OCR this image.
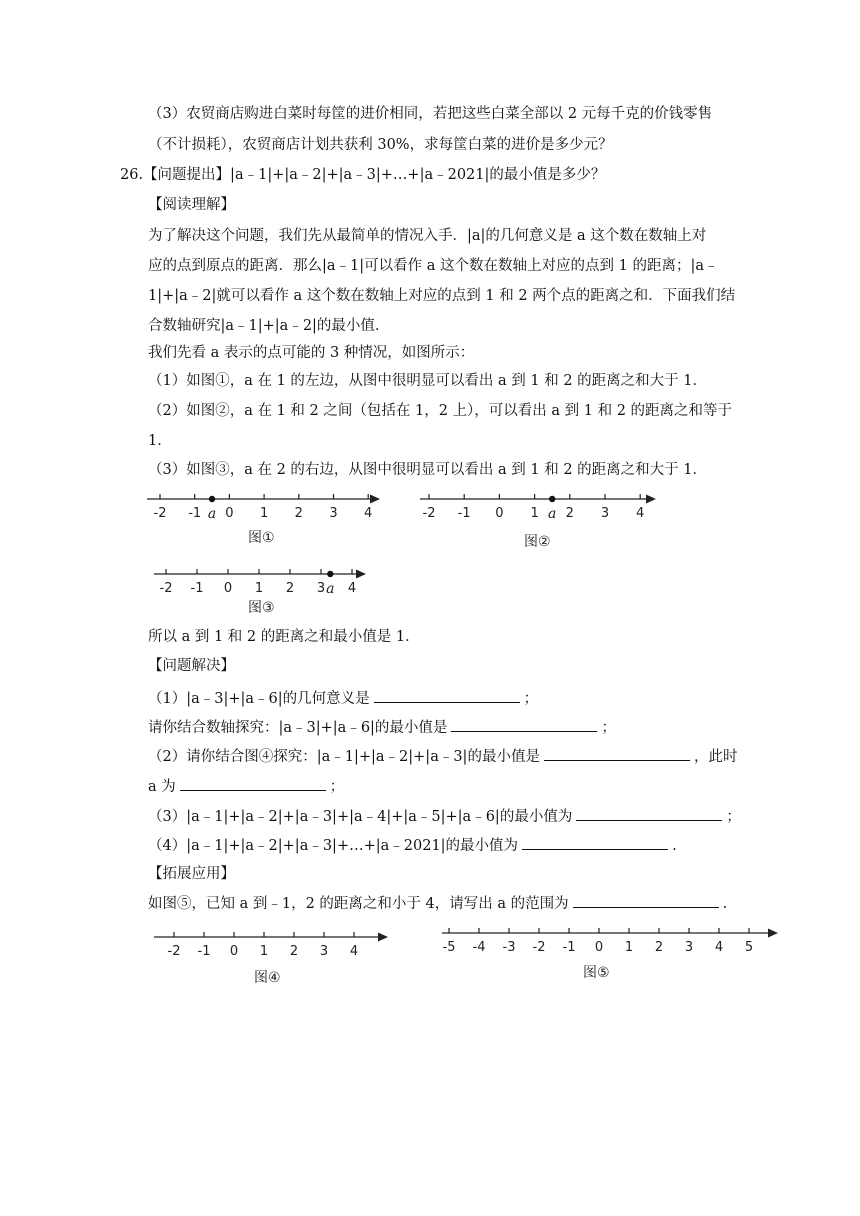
（3）农贸商店购进白菜时每筐的进价相同，若把这些白菜全部以 2 元每千克的价钱零售
（不计损耗），农贸商店计划共获利 30%，求每筐白菜的进价是多少元？
26.【问题提出】|a﹣1|+|a﹣2|+|a﹣3|+…+|a﹣2021|的最小值是多少？
【阅读理解】
为了解决这个问题，我们先从最简单的情况入手．|a|的几何意义是 a 这个数在数轴上对
应的点到原点的距离．那么|a﹣1|可以看作 a 这个数在数轴上对应的点到 1 的距离；|a﹣
1|+|a﹣2|就可以看作 a 这个数在数轴上对应的点到 1 和 2 两个点的距离之和．下面我们结
合数轴研究|a﹣1|+|a﹣2|的最小值．
我们先看 a 表示的点可能的 3 种情况，如图所示：
（1）如图①，a 在 1 的左边，从图中很明显可以看出 a 到 1 和 2 的距离之和大于 1．
（2）如图②，a 在 1 和 2 之间（包括在 1，2 上），可以看出 a 到 1 和 2 的距离之和等于
1．
（3）如图③，a 在 2 的右边，从图中很明显可以看出 a 到 1 和 2 的距离之和大于 1．
-2 -1 0 1 2 3 4
a
图①
-2 -1 0 1 2 3 4
a
图②
-2 -1 0 1 2 3 4
a
图③
所以 a 到 1 和 2 的距离之和最小值是 1．
【问题解决】
（1）|a﹣3|+|a﹣6|的几何意义是	；
请你结合数轴探究：|a﹣3|+|a﹣6|的最小值是	；
（2）请你结合图④探究：|a﹣1|+|a﹣2|+|a﹣3|的最小值是	，此时
a 为	；
（3）|a﹣1|+|a﹣2|+|a﹣3|+|a﹣4|+|a﹣5|+|a﹣6|的最小值为	；
（4）|a﹣1|+|a﹣2|+|a﹣3|+…+|a﹣2021|的最小值为	.
【拓展应用】
如图⑤，已知 a 到﹣1，2 的距离之和小于 4，请写出 a 的范围为	.
-2 -1 0 1 2 3 4
图④
-5 -4 -3 -2 -1 0 1 2 3 4 5
图⑤
